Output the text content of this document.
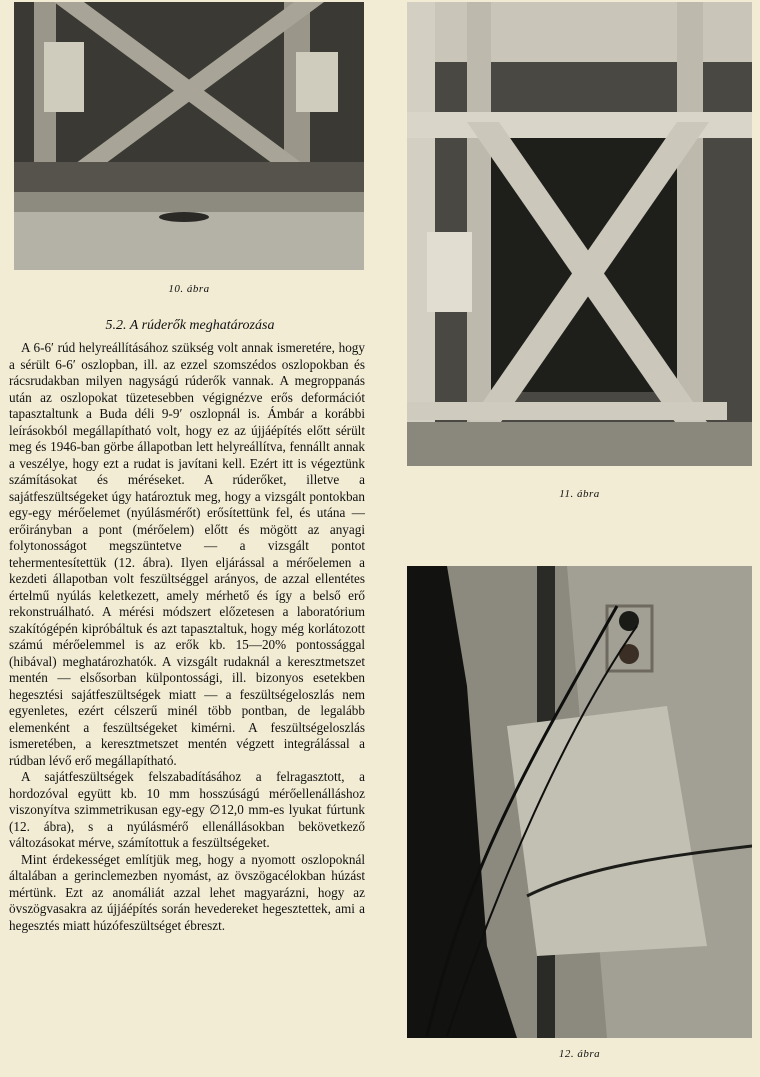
10. ábra
5.2. A rúderők meghatározása

A 6-6′ rúd helyreállításához szükség volt annak ismeretére, hogy a sérült 6-6′ oszlopban, ill. az ezzel szomszédos oszlopokban és rácsrudakban milyen nagyságú rúderők vannak. A megroppanás után az oszlopokat tüzetesebben végignézve erős deformációt tapasztaltunk a Buda déli 9-9′ oszlopnál is. Ámbár a korábbi leírásokból megállapítható volt, hogy ez az újjáépítés előtt sérült meg és 1946-ban görbe állapotban lett helyreállítva, fennállt annak a veszélye, hogy ezt a rudat is javítani kell. Ezért itt is végeztünk számításokat és méréseket. A rúderőket, illetve a sajátfeszültségeket úgy határoztuk meg, hogy a vizsgált pontokban egy-egy mérőelemet (nyúlásmérőt) erősítettünk fel, és utána — erőirányban a pont (mérőelem) előtt és mögött az anyagi folytonosságot megszüntetve — a vizsgált pontot tehermentesítettük (12. ábra). Ilyen eljárással a mérőelemen a kezdeti állapotban volt feszültséggel arányos, de azzal ellentétes értelmű nyúlás keletkezett, amely mérhető és így a belső erő rekonstruálható. A mérési módszert előzetesen a laboratórium szakítógépén kipróbáltuk és azt tapasztaltuk, hogy még korlátozott számú mérőelemmel is az erők kb. 15—20% pontossággal (hibával) meghatározhatók. A vizsgált rudaknál a keresztmetszet mentén — elsősorban külpontossági, ill. bizonyos esetekben hegesztési sajátfeszültségek miatt — a feszültségeloszlás nem egyenletes, ezért célszerű minél több pontban, de legalább elemenként a feszültségeket kimérni. A feszültségeloszlás ismeretében, a keresztmetszet mentén végzett integrálással a rúdban lévő erő megállapítható.

A sajátfeszültségek felszabadításához a felragasztott, a hordozóval együtt kb. 10 mm hosszúságú mérőellenálláshoz viszonyítva szimmetrikusan egy-egy ∅12,0 mm-es lyukat fúrtunk (12. ábra), s a nyúlásmérő ellenállásokban bekövetkező változásokat mérve, számítottuk a feszültségeket.

Mint érdekességet említjük meg, hogy a nyomott oszlopoknál általában a gerinclemezben nyomást, az övszögacélokban húzást mértünk. Ezt az anomáliát azzal lehet magyarázni, hogy az övszögvasakra az újjáépítés során hevedereket hegesztettek, ami a hegesztés miatt húzófeszültséget ébreszt.

11. ábra
12. ábra
